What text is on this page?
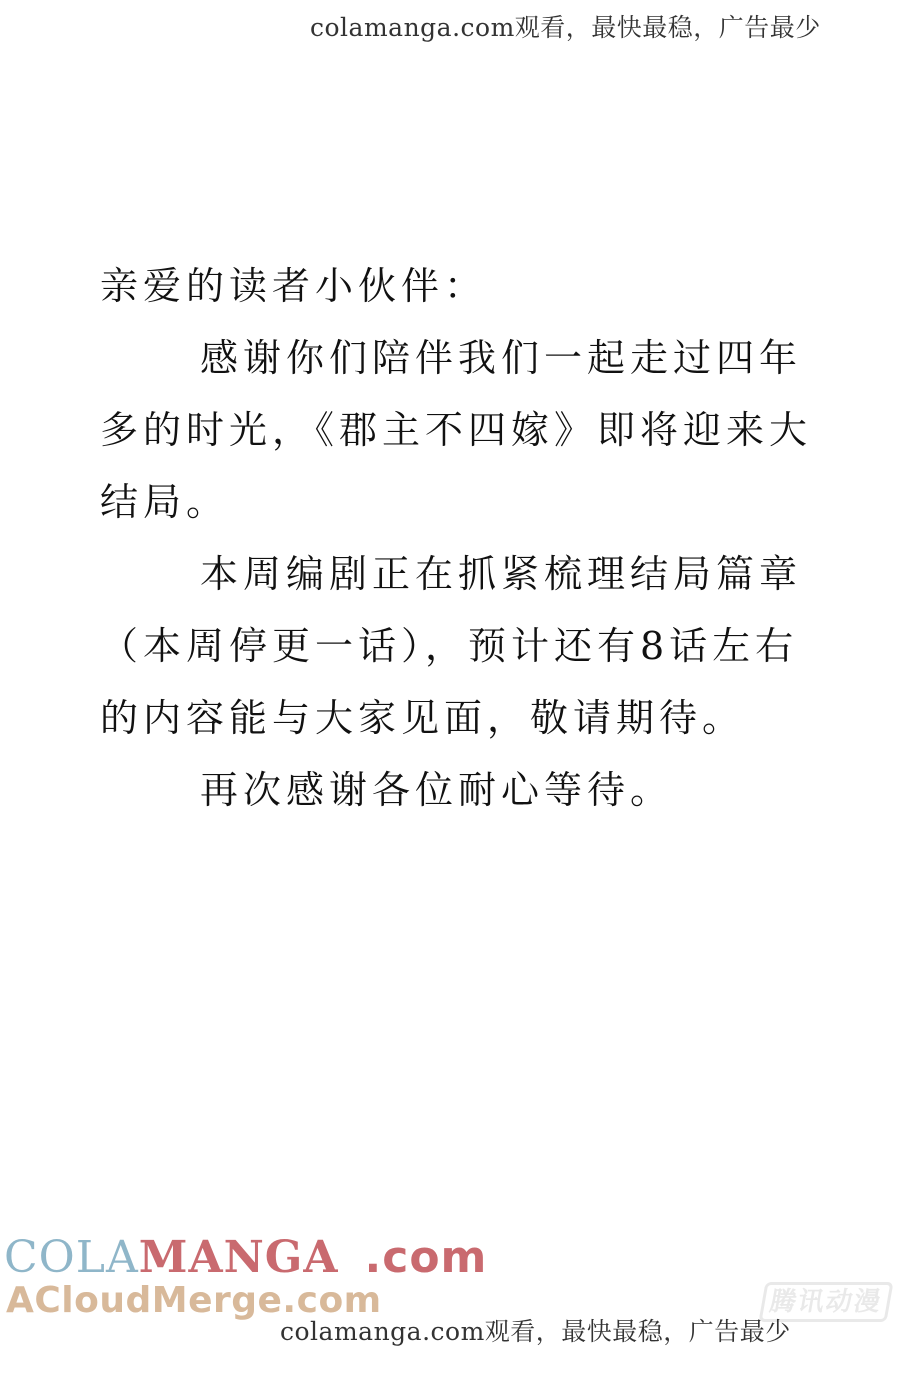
colamanga.com观看，最快最稳，广告最少

亲爱的读者小伙伴：

感谢你们陪伴我们一起走过四年多的时光，《郡主不四嫁》即将迎来大结局。

本周编剧正在抓紧梳理结局篇章（本周停更一话），预计还有8话左右的内容能与大家见面，敬请期待。

再次感谢各位耐心等待。

COLAMANGA .com
ACloudMerge.com	腾讯动漫
colamanga.com观看，最快最稳，广告最少
